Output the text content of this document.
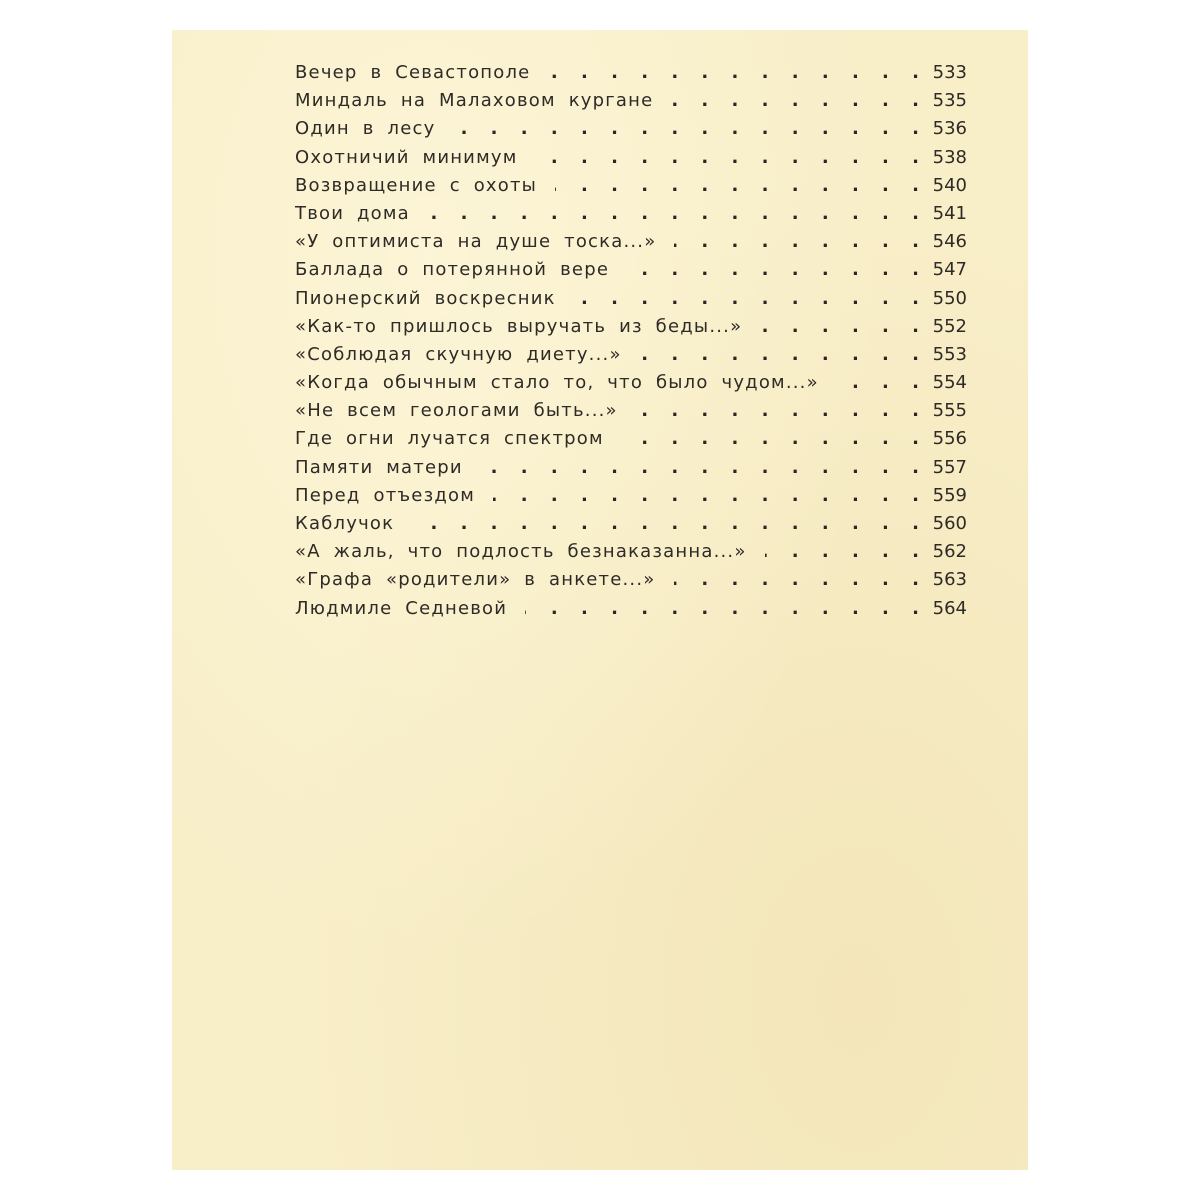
Вечер в Севастополе . . .	533
Миндаль на Малаховом кургане . . .	535
Один в лесу . . .	536
Охотничий минимум . . .	538
Возвращение с охоты . . .	540
Твои дома . . .	541
«У оптимиста на душе тоска...» . . .	546
Баллада о потерянной вере . . .	547
Пионерский воскресник . . .	550
«Как-то пришлось выручать из беды...» . . .	552
«Соблюдая скучную диету...» . . .	553
«Когда обычным стало то, что было чудом...» . . .	554
«Не всем геологами быть...» . . .	555
Где огни лучатся спектром . . .	556
Памяти матери . . .	557
Перед отъездом . . .	559
Каблучок . . .	560
«А жаль, что подлость безнаказанна...» . . .	562
«Графа «родители» в анкете...» . . .	563
Людмиле Седневой . . .	564
